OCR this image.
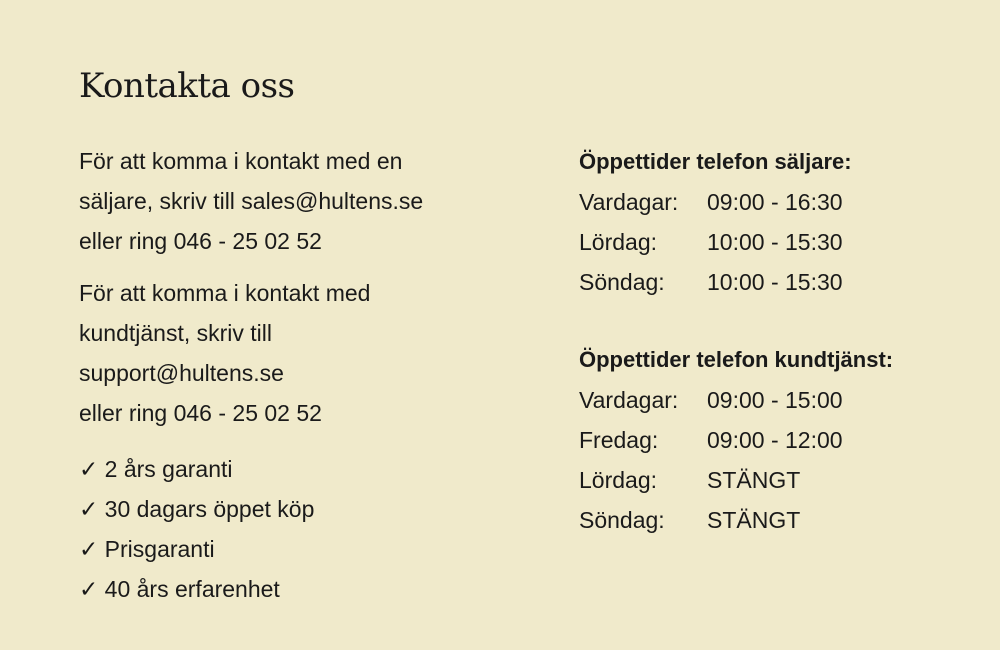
Kontakta oss

För att komma i kontakt med en
säljare, skriv till sales@hultens.se
eller ring 046 - 25 02 52

För att komma i kontakt med
kundtjänst, skriv till
support@hultens.se
eller ring 046 - 25 02 52

✓ 2 års garanti
✓ 30 dagars öppet köp
✓ Prisgaranti
✓ 40 års erfarenhet
Öppettider telefon säljare:
Vardagar:	09:00 - 16:30
Lördag:	10:00 - 15:30
Söndag:	10:00 - 15:30
Öppettider telefon kundtjänst:
Vardagar:	09:00 - 15:00
Fredag:	09:00 - 12:00
Lördag:	STÄNGT
Söndag:	STÄNGT
